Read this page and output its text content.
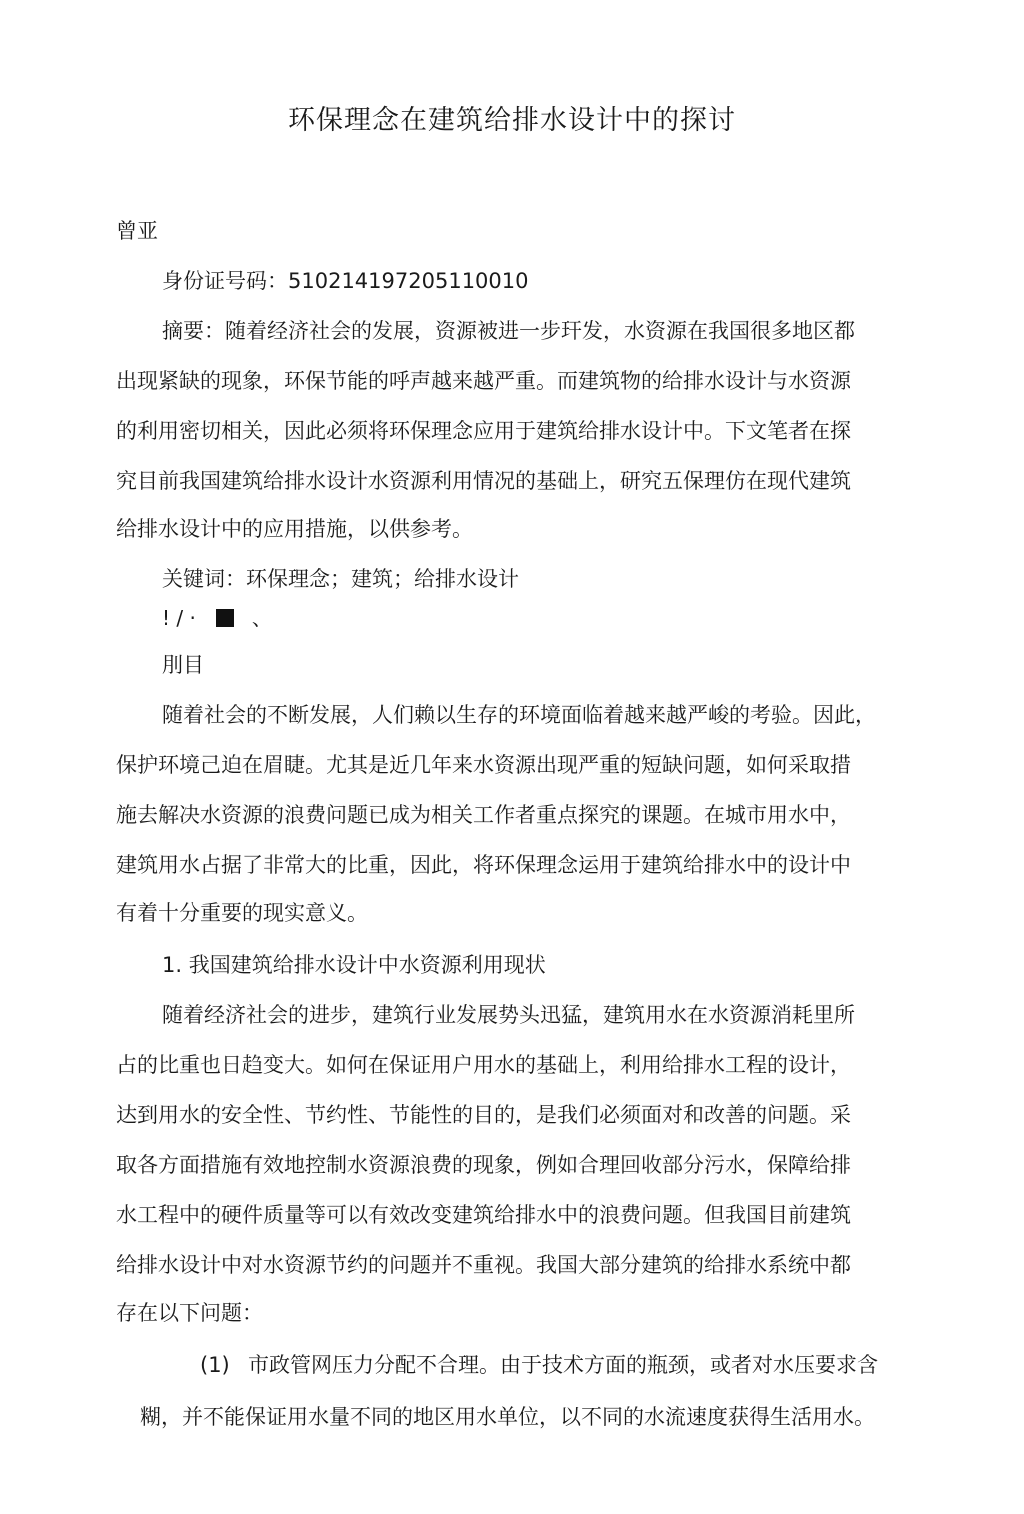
环保理念在建筑给排水设计中的探讨
曾亚
身份证号码：510214197205110010
摘要：随着经济社会的发展，资源被进一步玕发，水资源在我国很多地区都
出现紧缺的现象，环保节能的呼声越来越严重。而建筑物的给排水设计与水资源
的利用密切相关，因此必须将环保理念应用于建筑给排水设计中。下文笔者在探
究目前我国建筑给排水设计水资源利用情况的基础上，研究五保理仿在现代建筑
给排水设计中的应用措施，以供参考。
关键词：环保理念；建筑；给排水设计
! / ·	、
刖目
随着社会的不断发展，人们赖以生存的环境面临着越来越严峻的考验。因此，
保护环境己迫在眉睫。尤其是近几年来水资源出现严重的短缺问题，如何采取措
施去解决水资源的浪费问题已成为相关工作者重点探究的课题。在城市用水中，
建筑用水占据了非常大的比重，因此，将环保理念运用于建筑给排水中的设计中
有着十分重要的现实意义。
1. 我国建筑给排水设计中水资源利用现状
随着经济社会的进步，建筑行业发展势头迅猛，建筑用水在水资源消耗里所
占的比重也日趋变大。如何在保证用户用水的基础上，利用给排水工程的设计，
达到用水的安全性、节约性、节能性的目的，是我们必须面对和改善的问题。采
取各方面措施有效地控制水资源浪费的现象，例如合理回收部分污水，保障给排
水工程中的硬件质量等可以有效改变建筑给排水中的浪费问题。但我国目前建筑
给排水设计中对水资源节约的问题并不重视。我国大部分建筑的给排水系统中都
存在以下问题：
(1) 市政管网压力分配不合理。由于技术方面的瓶颈，或者对水压要求含
糊，并不能保证用水量不同的地区用水单位，以不同的水流速度获得生活用水。
